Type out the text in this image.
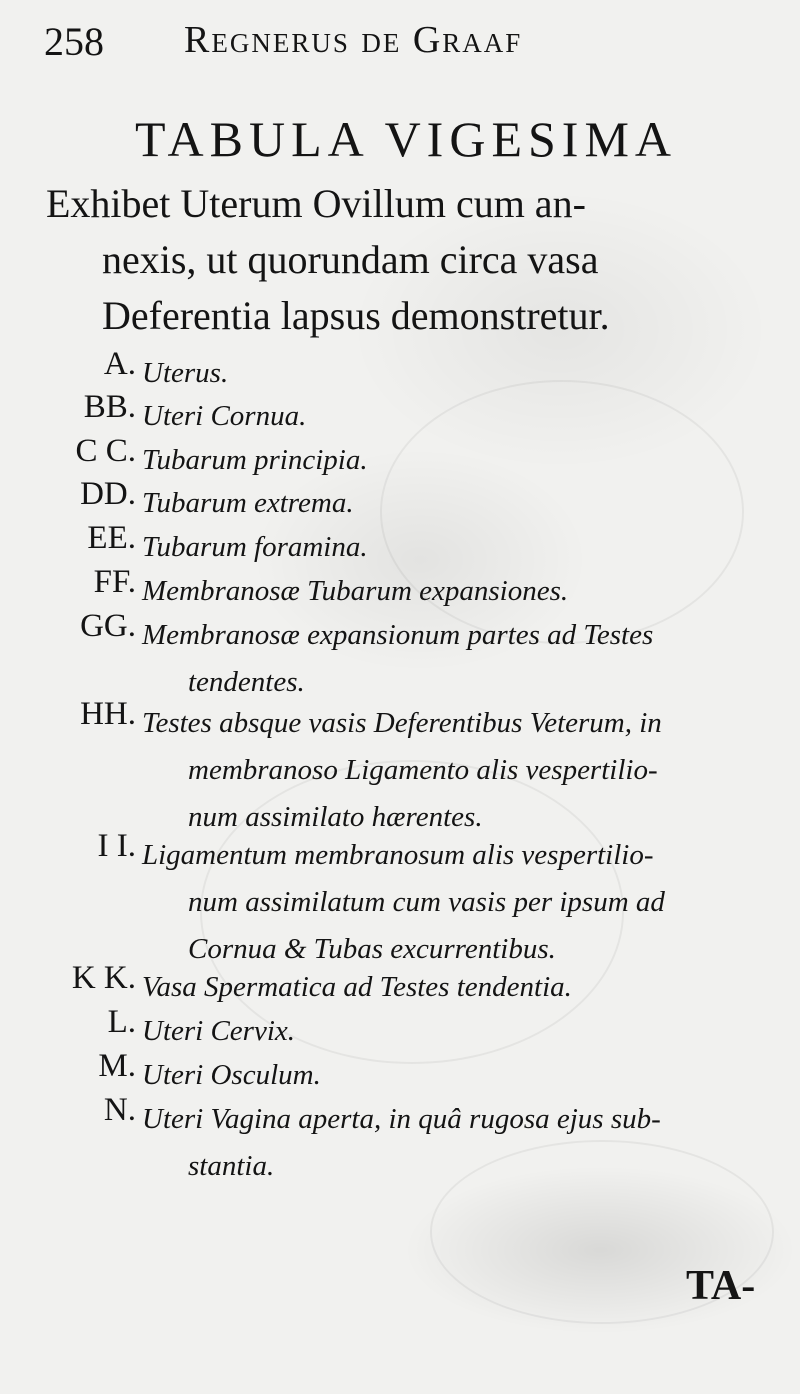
258 Regnerus de Graaf
TABULA VIGESIMA
Exhibet Uterum Ovillum cum an-
nexis, ut quorundam circa vasa
Deferentia lapsus demonstretur.
A. Uterus.
BB. Uteri Cornua.
C C. Tubarum principia.
DD. Tubarum extrema.
EE. Tubarum foramina.
FF. Membranosæ Tubarum expansiones.
GG. Membranosæ expansionum partes ad Testes
tendentes.
HH. Testes absque vasis Deferentibus Veterum, in
membranoso Ligamento alis vespertilio-
num assimilato hærentes.
I I. Ligamentum membranosum alis vespertilio-
num assimilatum cum vasis per ipsum ad
Cornua & Tubas excurrentibus.
K K. Vasa Spermatica ad Testes tendentia.
L. Uteri Cervix.
M. Uteri Osculum.
N. Uteri Vagina aperta, in quâ rugosa ejus sub-
stantia.
TA-
